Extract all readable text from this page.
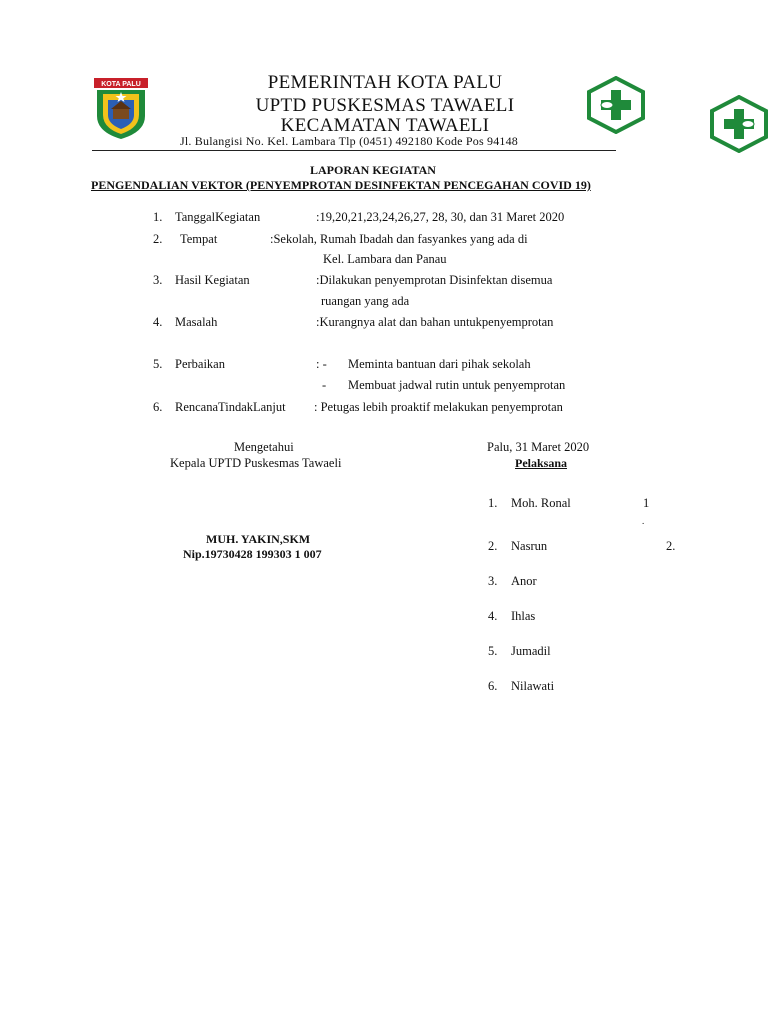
KOTA PALU	PEMERINTAH KOTA PALU
UPTD PUSKESMAS TAWAELI
KECAMATAN TAWAELI
Jl. Bulangisi No. Kel. Lambara Tlp (0451) 492180 Kode Pos 94148
LAPORAN KEGIATAN
PENGENDALIAN VEKTOR (PENYEMPROTAN DESINFEKTAN PENCEGAHAN COVID 19)
1. TanggalKegiatan	:19,20,21,23,24,26,27, 28, 30, dan 31 Maret 2020
2. Tempat	:Sekolah, Rumah Ibadah dan fasyankes yang ada di
Kel. Lambara dan Panau
3. Hasil Kegiatan	:Dilakukan penyemprotan Disinfektan disemua
ruangan yang ada
4. Masalah	:Kurangnya alat dan bahan untukpenyemprotan
5. Perbaikan	: - Meminta bantuan dari pihak sekolah
- Membuat jadwal rutin untuk penyemprotan
6. RencanaTindakLanjut : Petugas lebih proaktif melakukan penyemprotan
Mengetahui
Kepala UPTD Puskesmas Tawaeli
MUH. YAKIN,SKM
Nip.19730428 199303 1 007
Palu, 31 Maret 2020
Pelaksana
1. Moh. Ronal	1
.
2. Nasrun	2.
3. Anor
4. Ihlas
5. Jumadil
6. Nilawati
